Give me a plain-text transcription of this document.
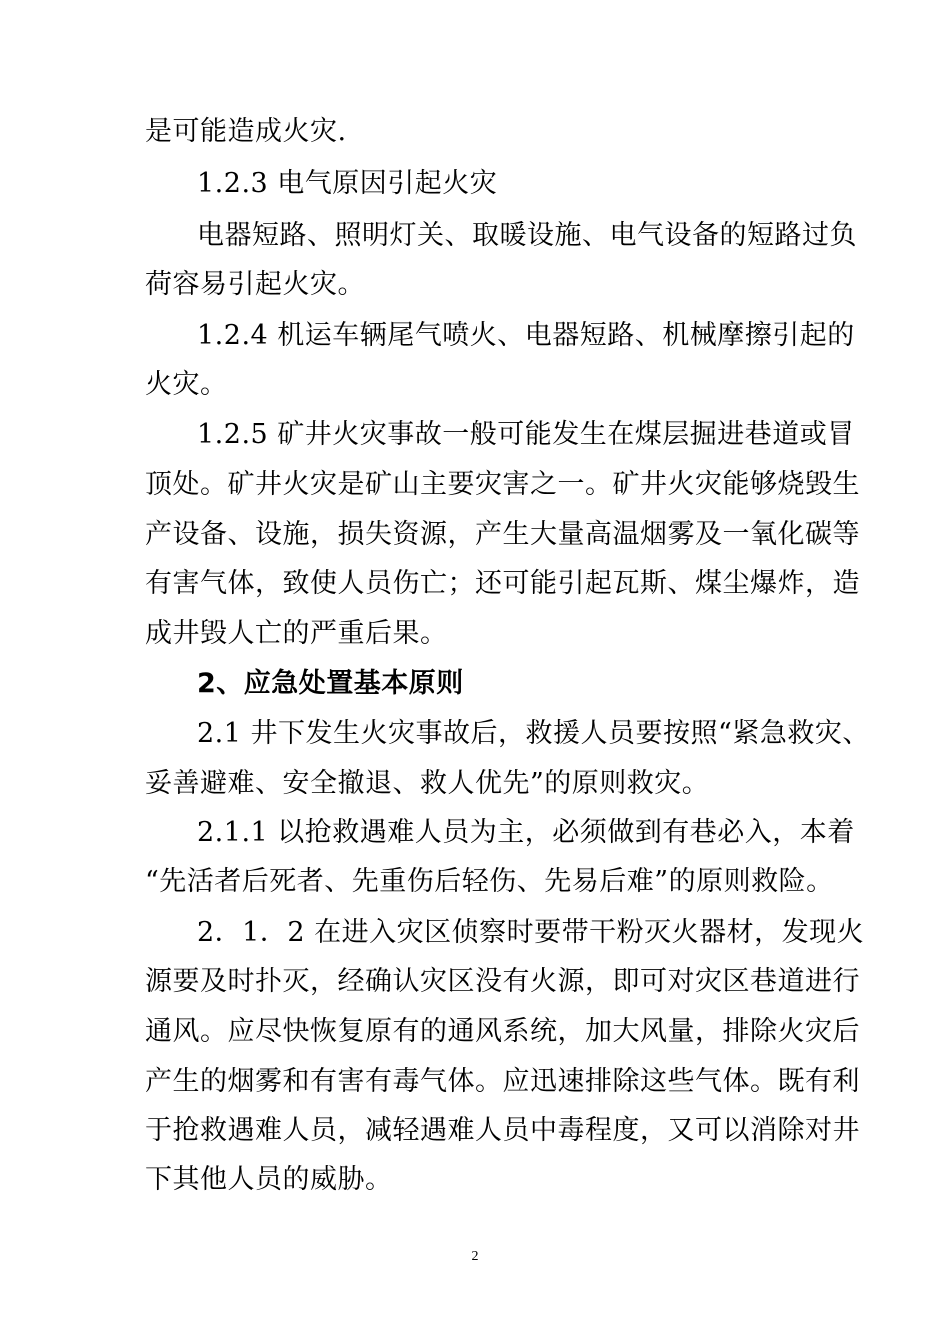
是可能造成火灾.

1.2.3 电气原因引起火灾

电器短路、照明灯关、取暖设施、电气设备的短路过负

荷容易引起火灾。

1.2.4 机运车辆尾气喷火、电器短路、机械摩擦引起的

火灾。

1.2.5 矿井火灾事故一般可能发生在煤层掘进巷道或冒

顶处。矿井火灾是矿山主要灾害之一。矿井火灾能够烧毁生

产设备、设施，损失资源，产生大量高温烟雾及一氧化碳等

有害气体，致使人员伤亡；还可能引起瓦斯、煤尘爆炸，造

成井毁人亡的严重后果。

2、应急处置基本原则

2.1 井下发生火灾事故后，救援人员要按照“紧急救灾、

妥善避难、安全撤退、救人优先”的原则救灾。

2.1.1 以抢救遇难人员为主，必须做到有巷必入，本着

“先活者后死者、先重伤后轻伤、先易后难”的原则救险。

2．1．2 在进入灾区侦察时要带干粉灭火器材，发现火

源要及时扑灭，经确认灾区没有火源，即可对灾区巷道进行

通风。应尽快恢复原有的通风系统，加大风量，排除火灾后

产生的烟雾和有害有毒气体。应迅速排除这些气体。既有利

于抢救遇难人员，减轻遇难人员中毒程度，又可以消除对井

下其他人员的威胁。

2
